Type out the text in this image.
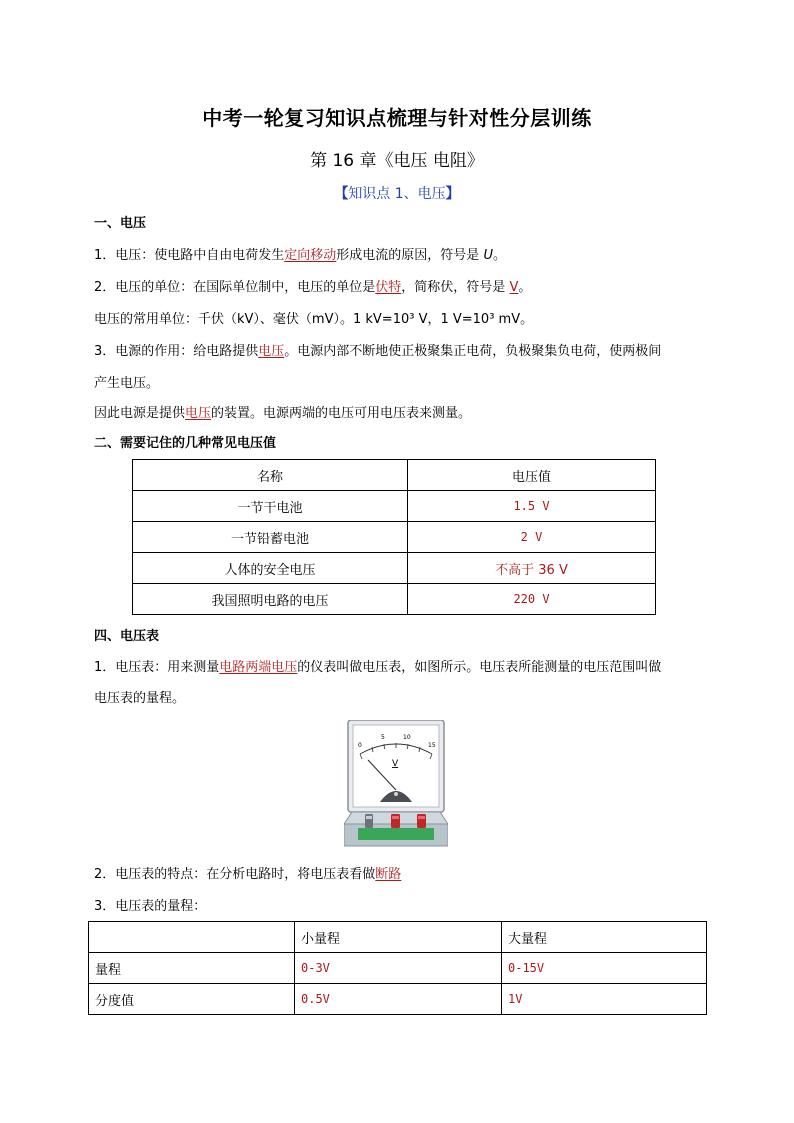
中考一轮复习知识点梳理与针对性分层训练
第 16 章《电压 电阻》
【知识点 1、电压】
一、电压
1．电压：使电路中自由电荷发生定向移动形成电流的原因，符号是 U。
2．电压的单位：在国际单位制中，电压的单位是伏特，简称伏，符号是 V。
电压的常用单位：千伏（kV）、毫伏（mV）。1 kV=10³ V，1 V=10³ mV。
3．电源的作用：给电路提供电压。电源内部不断地使正极聚集正电荷，负极聚集负电荷，使两极间
产生电压。
因此电源是提供电压的装置。电源两端的电压可用电压表来测量。
二、需要记住的几种常见电压值
名称	电压值
一节干电池	1.5 V
一节铅蓄电池	2 V
人体的安全电压	不高于 36 V
我国照明电路的电压	220 V
四、电压表
1．电压表：用来测量电路两端电压的仪表叫做电压表，如图所示。电压表所能测量的电压范围叫做
电压表的量程。
0
5	10
15
V
2．电压表的特点：在分析电路时，将电压表看做断路
3．电压表的量程：
	小量程	大量程
量程	0-3V	0-15V
分度值	0.5V	1V
